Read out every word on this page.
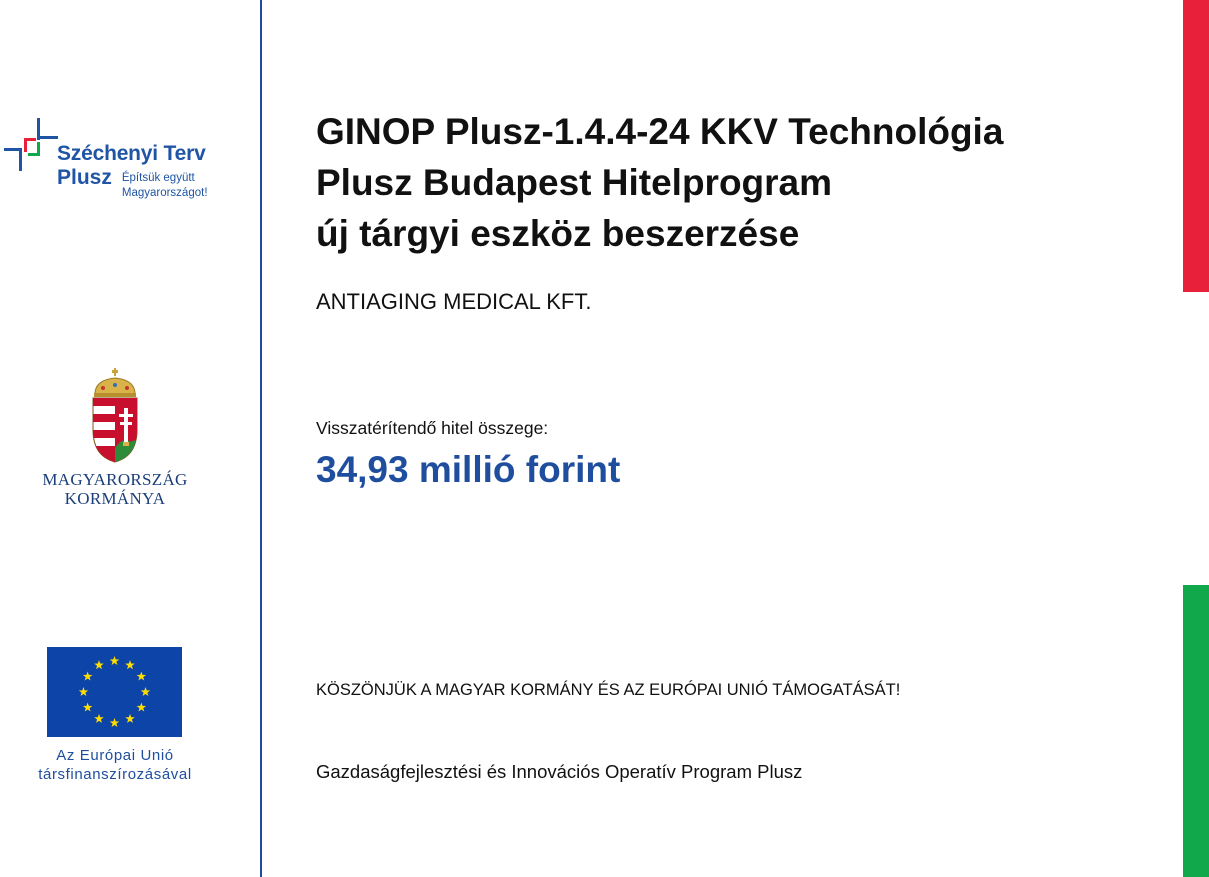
Széchenyi Terv
Plusz Építsük együtt
Magyarországot!
MAGYARORSZÁG
KORMÁNYA
Az Európai Unió
társfinanszírozásával
GINOP Plusz-1.4.4-24 KKV Technológia
Plusz Budapest Hitelprogram
új tárgyi eszköz beszerzése
ANTIAGING MEDICAL KFT.
Visszatérítendő hitel összege:
34,93 millió forint
KÖSZÖNJÜK A MAGYAR KORMÁNY ÉS AZ EURÓPAI UNIÓ TÁMOGATÁSÁT!
Gazdaságfejlesztési és Innovációs Operatív Program Plusz
